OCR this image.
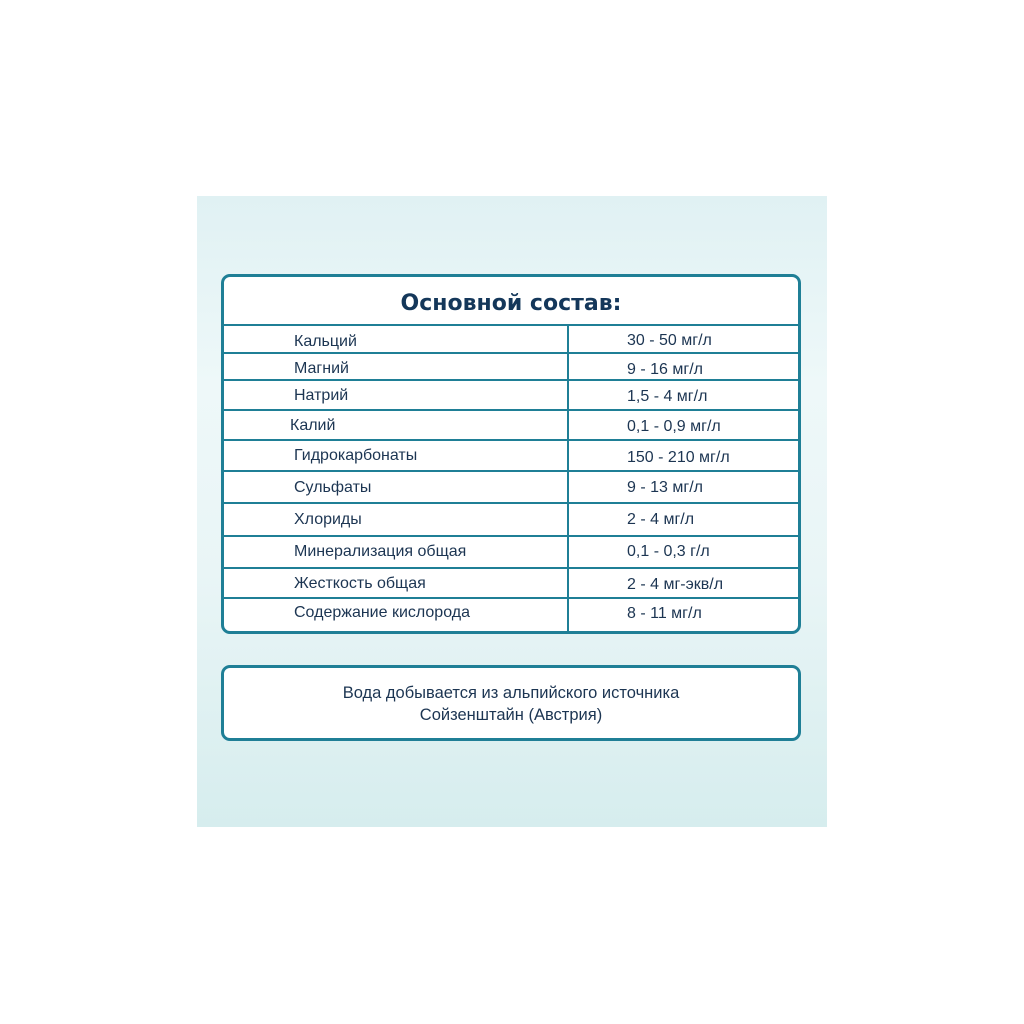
Основной состав:
Кальций	30 - 50 мг/л
Магний	9 - 16 мг/л
Натрий	1,5 - 4 мг/л
Калий	0,1 - 0,9 мг/л
Гидрокарбонаты	150 - 210 мг/л
Сульфаты	9 - 13 мг/л
Хлориды	2 - 4 мг/л
Минерализация общая	0,1 - 0,3 г/л
Жесткость общая	2 - 4 мг-экв/л
Содержание кислорода	8 - 11 мг/л
Вода добывается из альпийского источника
Сойзенштайн (Австрия)
